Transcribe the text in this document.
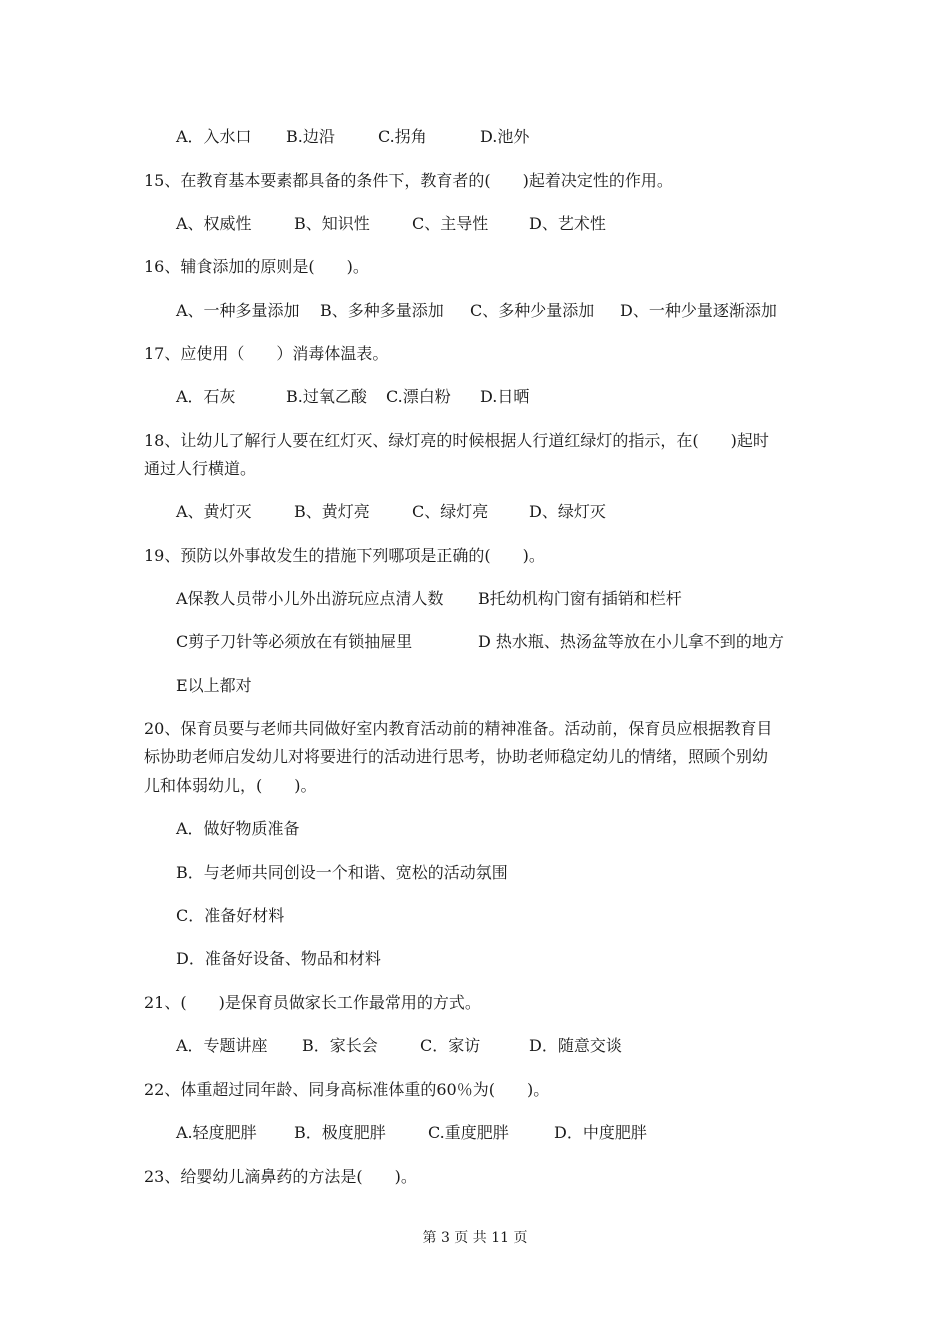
A．入水口 B.边沿	C.拐角	D.池外
15、在教育基本要素都具备的条件下，教育者的(　　)起着决定性的作用。
A、权威性	B、知识性	C、主导性	D、艺术性
16、辅食添加的原则是(　　)。
A、一种多量添加 B、多种多量添加 C、多种少量添加 D、一种少量逐渐添加
17、应使用（　　）消毒体温表。
A．石灰	B.过氧乙酸 C.漂白粉 D.日晒
18、让幼儿了解行人要在红灯灭、绿灯亮的时候根据人行道红绿灯的指示，在(　　)起时
通过人行横道。
A、黄灯灭	B、黄灯亮	C、绿灯亮	D、绿灯灭
19、预防以外事故发生的措施下列哪项是正确的(　　)。
A保教人员带小儿外出游玩应点清人数 B托幼机构门窗有插销和栏杆
C剪子刀针等必须放在有锁抽屉里	D 热水瓶、热汤盆等放在小儿拿不到的地方
E以上都对
20、保育员要与老师共同做好室内教育活动前的精神准备。活动前，保育员应根据教育目
标协助老师启发幼儿对将要进行的活动进行思考，协助老师稳定幼儿的情绪，照顾个别幼
儿和体弱幼儿，(　　)。
A．做好物质准备
B．与老师共同创设一个和谐、宽松的活动氛围
C．准备好材料
D．准备好设备、物品和材料
21、(　　)是保育员做家长工作最常用的方式。
A．专题讲座 B．家长会	C．家访	D．随意交谈
22、体重超过同年龄、同身高标准体重的60％为(　　)。
A.轻度肥胖 B．极度肥胖	C.重度肥胖	D．中度肥胖
23、给婴幼儿滴鼻药的方法是(　　)。
第 3 页 共 11 页
